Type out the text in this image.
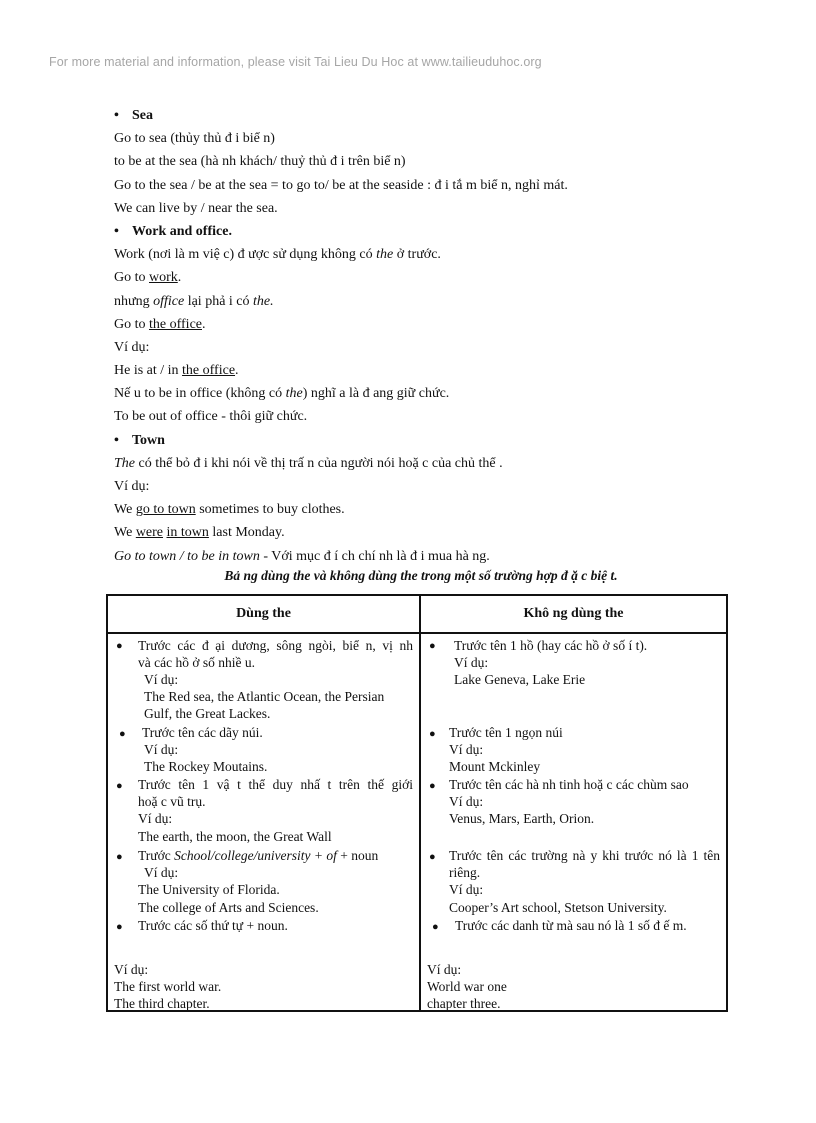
For more material and information, please visit Tai Lieu Du Hoc at www.tailieuduhoc.org
• Sea
Go to sea (thủy thủ đ i biể n)
to be at the sea (hà nh khách/ thuỷ thủ đ i trên biể n)
Go to the sea / be at the sea = to go to/ be at the seaside : đ i tắ m biể n, nghỉ mát.
We can live by / near the sea.
• Work and office.
Work (nơi là m việ c) đ ược sử dụng không có the ở trước.
Go to work.
nhưng office lại phả i có the.
Go to the office.
Ví dụ:
He is at / in the office.
Nế u to be in office (không có the) nghĩ a là đ ang giữ chức.
To be out of office - thôi giữ chức.
• Town
The có thể bỏ đ i khi nói về thị trấ n của người nói hoặ c của chủ thể .
Ví dụ:
We go to town sometimes to buy clothes.
We were in town last Monday.
Go to town / to be in town - Với mục đ í ch chí nh là đ i mua hà ng.
Bả ng dùng the và không dùng the trong một số trường hợp đ ặ c biệ t.
Dùng the	Khô ng dùng the
● Trước các đ ại dương, sông ngòi, biể n, vị nh
và các hồ ở số nhiề u.
Ví dụ:
The Red sea, the Atlantic Ocean, the Persian
Gulf, the Great Lackes.
● Trước tên các dãy núi.
Ví dụ:
The Rockey Moutains.
● Trước tên 1 vậ t thể duy nhấ t trên thế giới
hoặ c vũ trụ.
Ví dụ:
The earth, the moon, the Great Wall
● Trước School/college/university + of + noun
Ví dụ:
The University of Florida.
The college of Arts and Sciences.
● Trước các số thứ tự + noun.
Ví dụ:
The first world war.
The third chapter.
● Trước tên 1 hồ (hay các hồ ở số í t).
Ví dụ:
Lake Geneva, Lake Erie
● Trước tên 1 ngọn núi
Ví dụ:
Mount Mckinley
● Trước tên các hà nh tinh hoặ c các chùm sao
Ví dụ:
Venus, Mars, Earth, Orion.
● Trước tên các trường nà y khi trước nó là 1 tên
riêng.
Ví dụ:
Cooper’s Art school, Stetson University.
● Trước các danh từ mà sau nó là 1 số đ ế m.
Ví dụ:
World war one
chapter three.
